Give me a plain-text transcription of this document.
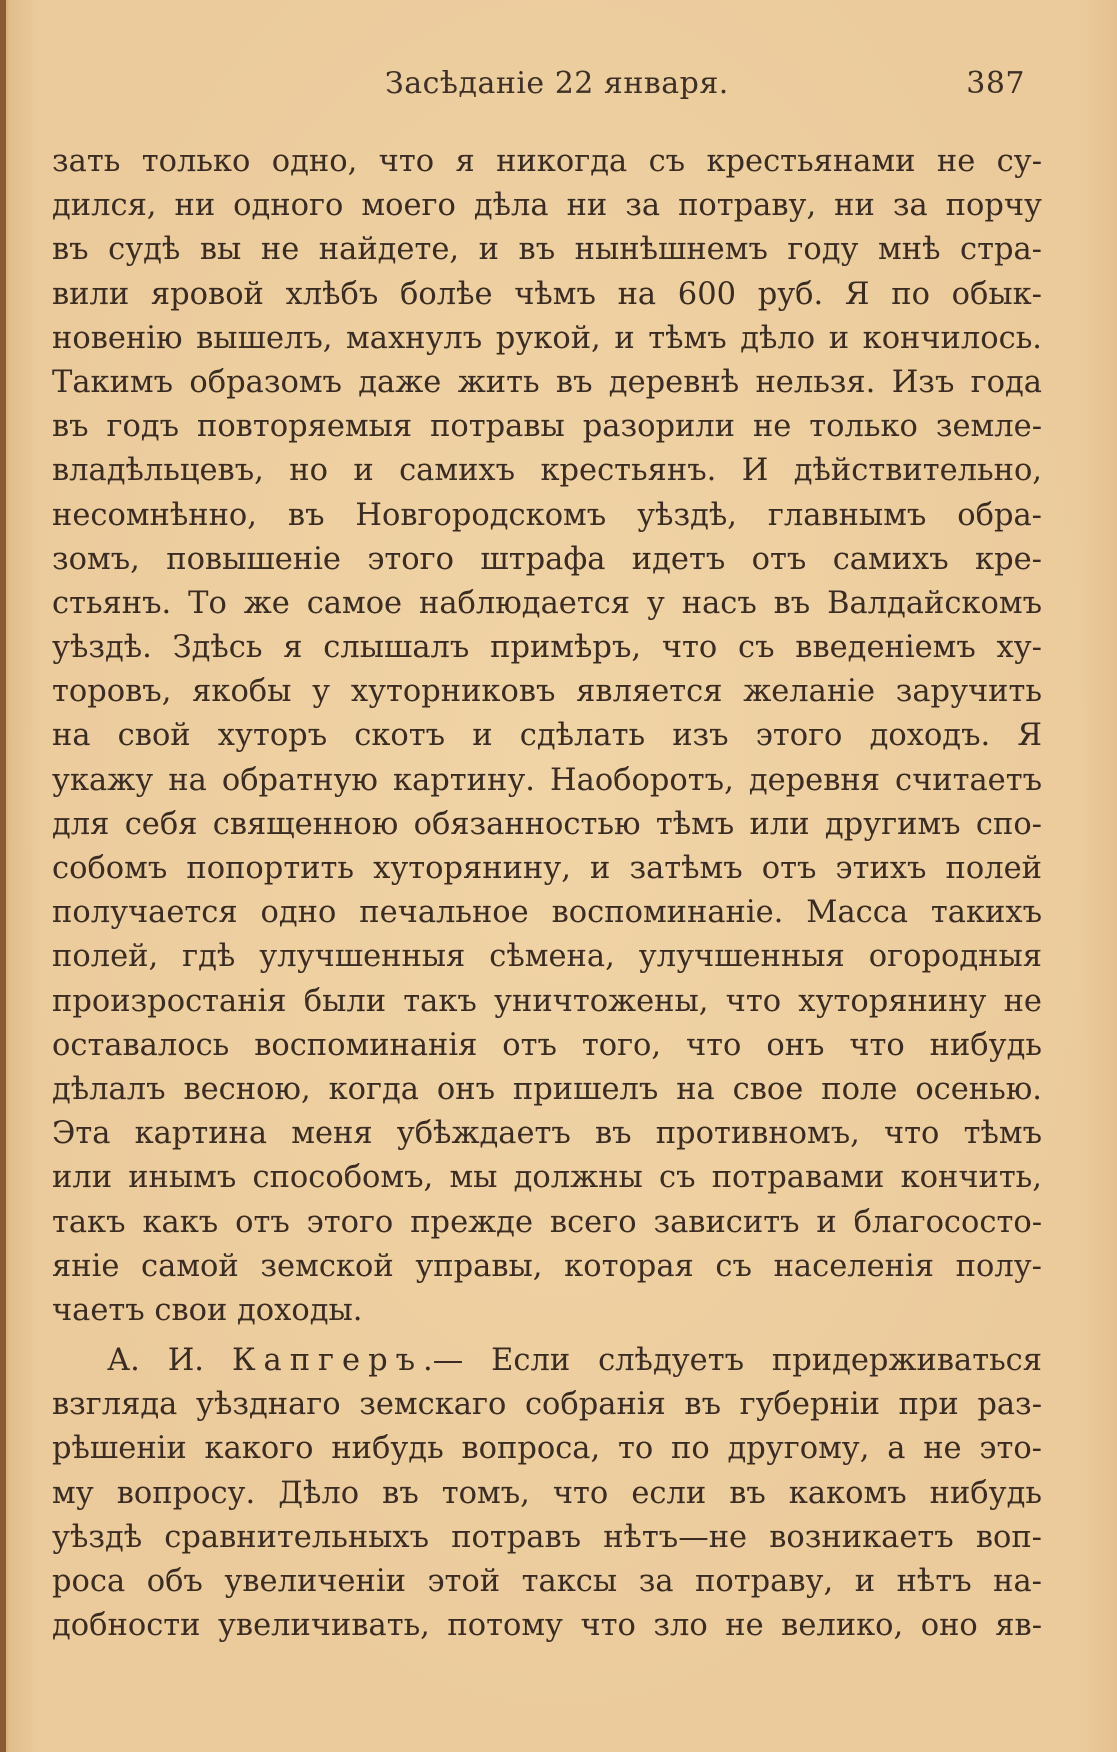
Засѣданіе 22 января.	387
зать только одно, что я никогда съ крестьянами не су-
дился, ни одного моего дѣла ни за потраву, ни за порчу
въ судѣ вы не найдете, и въ нынѣшнемъ году мнѣ стра-
вили яровой хлѣбъ болѣе чѣмъ на 600 руб. Я по обык-
новенію вышелъ, махнулъ рукой, и тѣмъ дѣло и кончилось.
Такимъ образомъ даже жить въ деревнѣ нельзя. Изъ года
въ годъ повторяемыя потравы разорили не только земле-
владѣльцевъ, но и самихъ крестьянъ. И дѣйствительно,
несомнѣнно, въ Новгородскомъ уѣздѣ, главнымъ обра-
зомъ, повышеніе этого штрафа идетъ отъ самихъ кре-
стьянъ. То же самое наблюдается у насъ въ Валдайскомъ
уѣздѣ. Здѣсь я слышалъ примѣръ, что съ введеніемъ ху-
торовъ, якобы у хуторниковъ является желаніе заручить
на свой хуторъ скотъ и сдѣлать изъ этого доходъ. Я
укажу на обратную картину. Наоборотъ, деревня считаетъ
для себя священною обязанностью тѣмъ или другимъ спо-
собомъ попортить хуторянину, и затѣмъ отъ этихъ полей
получается одно печальное воспоминаніе. Масса такихъ
полей, гдѣ улучшенныя сѣмена, улучшенныя огородныя
произростанія были такъ уничтожены, что хуторянину не
оставалось воспоминанія отъ того, что онъ что нибудь
дѣлалъ весною, когда онъ пришелъ на свое поле осенью.
Эта картина меня убѣждаетъ въ противномъ, что тѣмъ
или инымъ способомъ, мы должны съ потравами кончить,
такъ какъ отъ этого прежде всего зависитъ и благососто-
яніе самой земской управы, которая съ населенія полу-
чаетъ свои доходы.
А. И. Капгеръ.— Если слѣдуетъ придерживаться
взгляда уѣзднаго земскаго собранія въ губерніи при раз-
рѣшеніи какого нибудь вопроса, то по другому, а не это-
му вопросу. Дѣло въ томъ, что если въ какомъ нибудь
уѣздѣ сравнительныхъ потравъ нѣтъ—не возникаетъ воп-
роса объ увеличеніи этой таксы за потраву, и нѣтъ на-
добности увеличивать, потому что зло не велико, оно яв-
